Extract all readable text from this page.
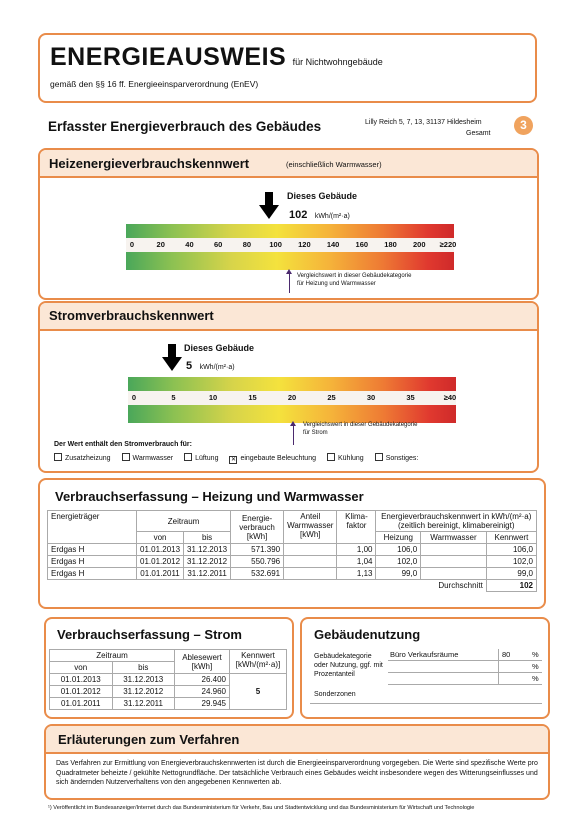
ENERGIEAUSWEIS für Nichtwohngebäude
gemäß den §§ 16 ff. Energieeinsparverordnung (EnEV)
Erfasster Energieverbrauch des Gebäudes	Lilly Reich 5, 7, 13, 31137 Hildesheim
Gesamt
3
Heizenergieverbrauchskennwert	(einschließlich Warmwasser)
Dieses Gebäude
102 kWh/(m²·a)
0	20	40	60	80 100 120 140 160 180 200 ≥220
Vergleichswert in dieser Gebäudekategorie
für Heizung und Warmwasser
Stromverbrauchskennwert
Dieses Gebäude
5 kWh/(m²·a)
0	5	10	15	20	25	30	35	≥40
Vergleichswert in dieser Gebäudekategorie
für Strom
Der Wert enthält den Stromverbrauch für:
Zusatzheizung	Warmwasser	Lüftung ✕ eingebaute Beleuchtung	Kühlung	Sonstiges:
Verbrauchserfassung – Heizung und Warmwasser
Energieträger	Zeitraum		Energie-verbrauch [kWh]	Anteil Warmwasser [kWh]	Klima-faktor	Energieverbrauchskennwert in kWh/(m²·a) (zeitlich bereinigt, klimabereinigt)		
	von	bis				Heizung	Warmwasser	Kennwert
Erdgas H	01.01.2013	31.12.2013	571.390		1,00	106,0		106,0
Erdgas H	01.01.2012	31.12.2012	550.796		1,04	102,0		102,0
Erdgas H	01.01.2011	31.12.2011	532.691		1,13	99,0		99,0
						Durchschnitt		102
Verbrauchserfassung – Strom
Zeitraum		Ablesewert [kWh]	Kennwert [kWh/(m²·a)]
von	bis		
01.01.2013	31.12.2013	26.400	5
01.01.2012	31.12.2012	24.960	
01.01.2011	31.12.2011	29.945	
Gebäudenutzung
Gebäudekategorie oder Nutzung, ggf. mit Prozentanteil
Büro Verkaufsräume	80	%
%
%
Sonderzonen
Erläuterungen zum Verfahren
Das Verfahren zur Ermittlung von Energieverbrauchskennwerten ist durch die Energieeinsparverordnung vorgegeben. Die Werte sind spezifische Werte pro Quadratmeter beheizte / gekühlte Nettogrundfläche. Der tatsächliche Verbrauch eines Gebäudes weicht insbesondere wegen des Witterungseinflusses und sich ändernden Nutzerverhaltens von den angegebenen Kennwerten ab.
¹) Veröffentlicht im Bundesanzeiger/Internet durch das Bundesministerium für Verkehr, Bau und Stadtentwicklung und das Bundesministerium für Wirtschaft und Technologie
